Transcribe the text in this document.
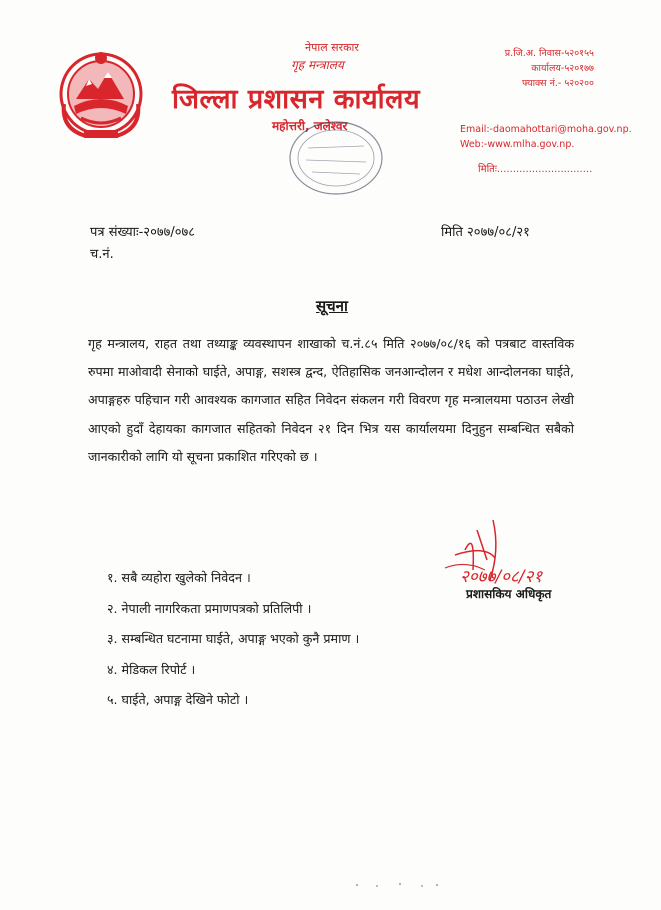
नेपाल सरकार
गृह मन्त्रालय
जिल्ला प्रशासन कार्यालय
महोत्तरी, जलेश्वर
प्र.जि.अ. निवास-५२०१५५
कार्यालय-५२०१७७
फ्याक्स नं.- ५२०२००
Email:-daomahottari@moha.gov.np.
Web:-www.mlha.gov.np.
मितिः..............................
पत्र संख्याः-२०७७/०७८	मिति २०७७/०८/२१
च.नं.
सूचना
गृह मन्त्रालय, राहत तथा तथ्याङ्क व्यवस्थापन शाखाको च.नं.८५ मिति २०७७/०८/१६ को पत्रबाट वास्तविक रुपमा माओवादी सेनाको घाईते, अपाङ्ग, सशस्त्र द्वन्द, ऐतिहासिक जनआन्दोलन र मधेश आन्दोलनका घाईते, अपाङ्गहरु पहिचान गरी आवश्यक कागजात सहित निवेदन संकलन गरी विवरण गृह मन्त्रालयमा पठाउन लेखी आएको हुदाँ देहायका कागजात सहितको निवेदन २१ दिन भित्र यस कार्यालयमा दिनुहुन सम्बन्धित सबैको जानकारीको लागि यो सूचना प्रकाशित गरिएको छ ।
१. सबै व्यहोरा खुलेको निवेदन ।
२. नेपाली नागरिकता प्रमाणपत्रको प्रतिलिपी ।
३. सम्बन्धित घटनामा घाईते, अपाङ्ग भएको कुनै प्रमाण ।
४. मेडिकल रिपोर्ट ।
५. घाईते, अपाङ्ग देखिने फोटो ।
२०७७/०८/२१
प्रशासकिय अधिकृत
